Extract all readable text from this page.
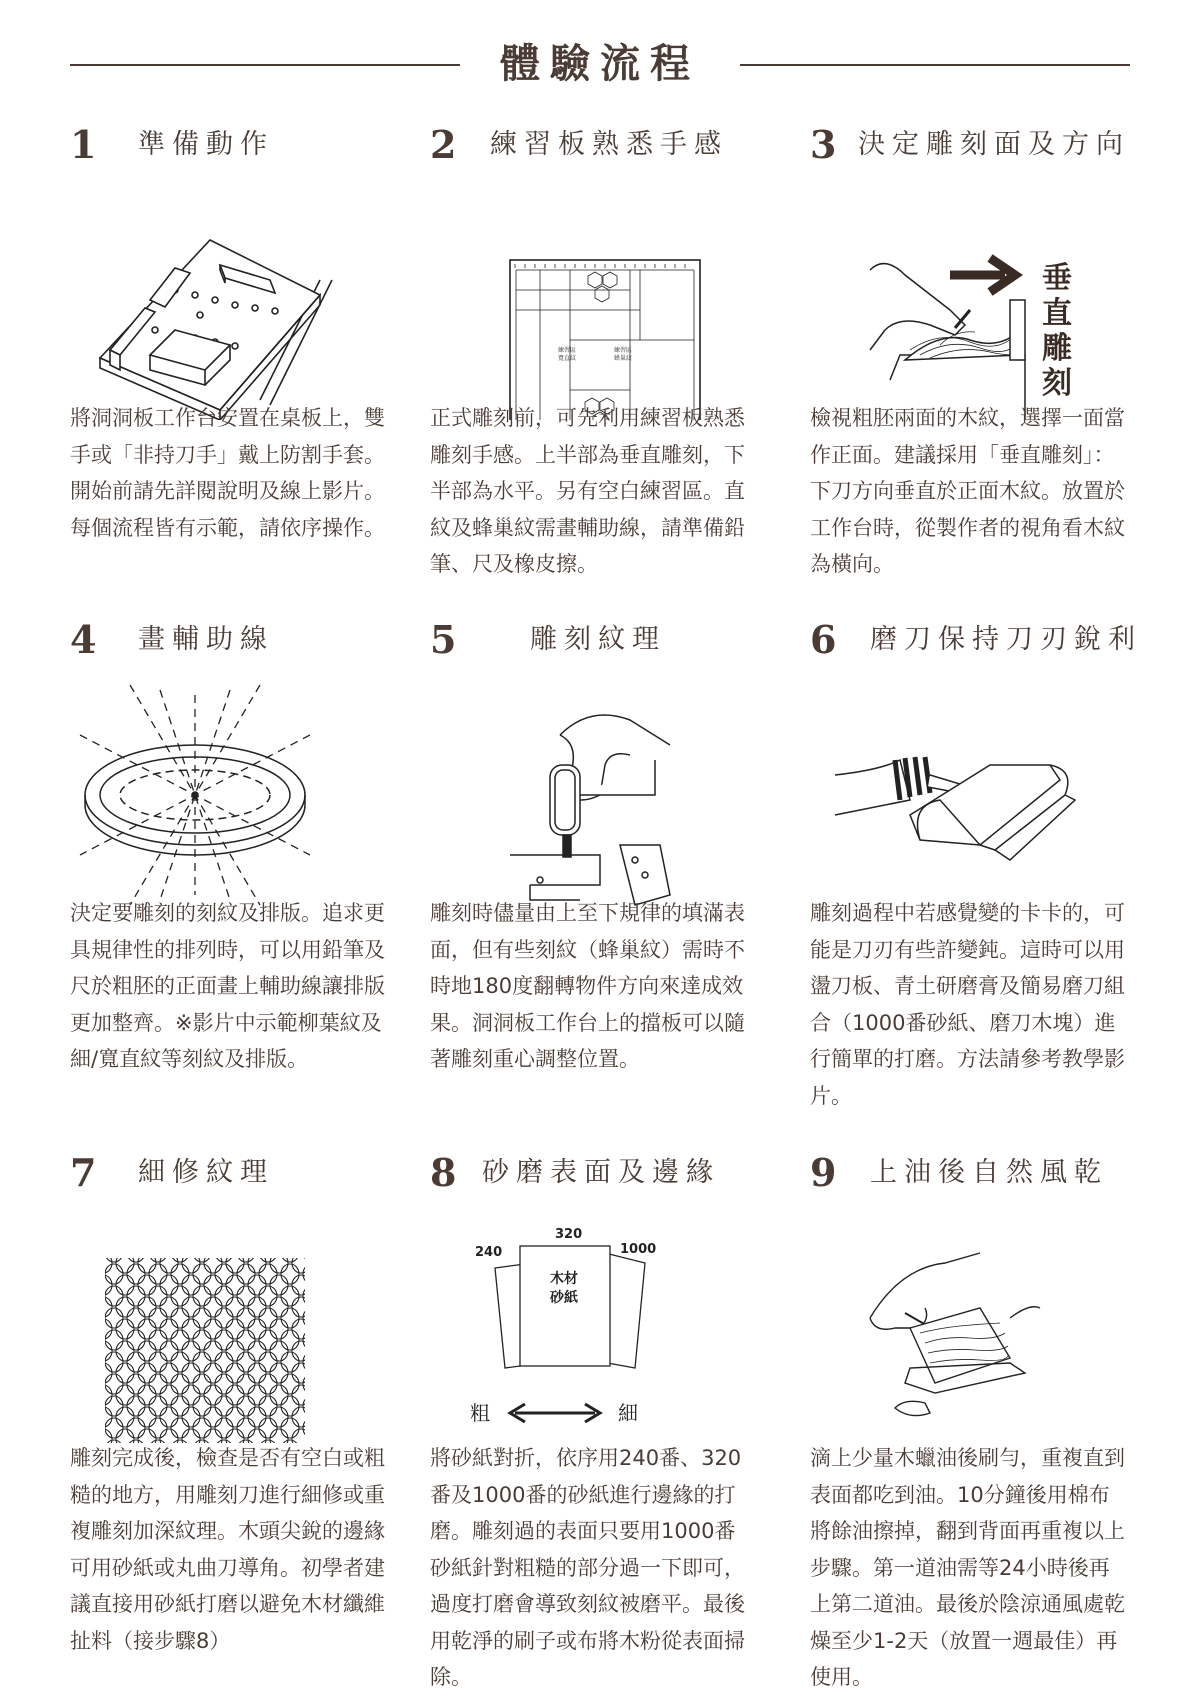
體驗流程
1 準備動作
將洞洞板工作台安置在桌板上，雙手或「非持刀手」戴上防割手套。開始前請先詳閱說明及線上影片。每個流程皆有示範，請依序操作。
2 練習板熟悉手感
練習區
寬直紋
練習區
蜂巢紋
正式雕刻前，可先利用練習板熟悉雕刻手感。上半部為垂直雕刻，下半部為水平。另有空白練習區。直紋及蜂巢紋需畫輔助線，請準備鉛筆、尺及橡皮擦。
3 決定雕刻面及方向
垂
直
雕
刻
檢視粗胚兩面的木紋，選擇一面當作正面。建議採用「垂直雕刻」：下刀方向垂直於正面木紋。放置於工作台時，從製作者的視角看木紋為橫向。
4 畫輔助線
決定要雕刻的刻紋及排版。追求更具規律性的排列時，可以用鉛筆及尺於粗胚的正面畫上輔助線讓排版更加整齊。※影片中示範柳葉紋及細/寬直紋等刻紋及排版。
5	雕刻紋理
雕刻時儘量由上至下規律的填滿表面，但有些刻紋（蜂巢紋）需時不時地180度翻轉物件方向來達成效果。洞洞板工作台上的擋板可以隨著雕刻重心調整位置。
6 磨刀保持刀刃銳利
雕刻過程中若感覺變的卡卡的，可能是刀刃有些許變鈍。這時可以用盪刀板、青土研磨膏及簡易磨刀組合（1000番砂紙、磨刀木塊）進行簡單的打磨。方法請參考教學影片。
7 細修紋理
雕刻完成後，檢查是否有空白或粗糙的地方，用雕刻刀進行細修或重複雕刻加深紋理。木頭尖銳的邊緣可用砂紙或丸曲刀導角。初學者建議直接用砂紙打磨以避免木材纖維扯料（接步驟8）
8 砂磨表面及邊緣
240
320
1000
木材
砂紙
粗	細
將砂紙對折，依序用240番、320番及1000番的砂紙進行邊緣的打磨。雕刻過的表面只要用1000番砂紙針對粗糙的部分過一下即可，過度打磨會導致刻紋被磨平。最後用乾淨的刷子或布將木粉從表面掃除。
9 上油後自然風乾
滴上少量木蠟油後刷勻，重複直到表面都吃到油。10分鐘後用棉布將餘油擦掉，翻到背面再重複以上步驟。第一道油需等24小時後再上第二道油。最後於陰涼通風處乾燥至少1-2天（放置一週最佳）再使用。
